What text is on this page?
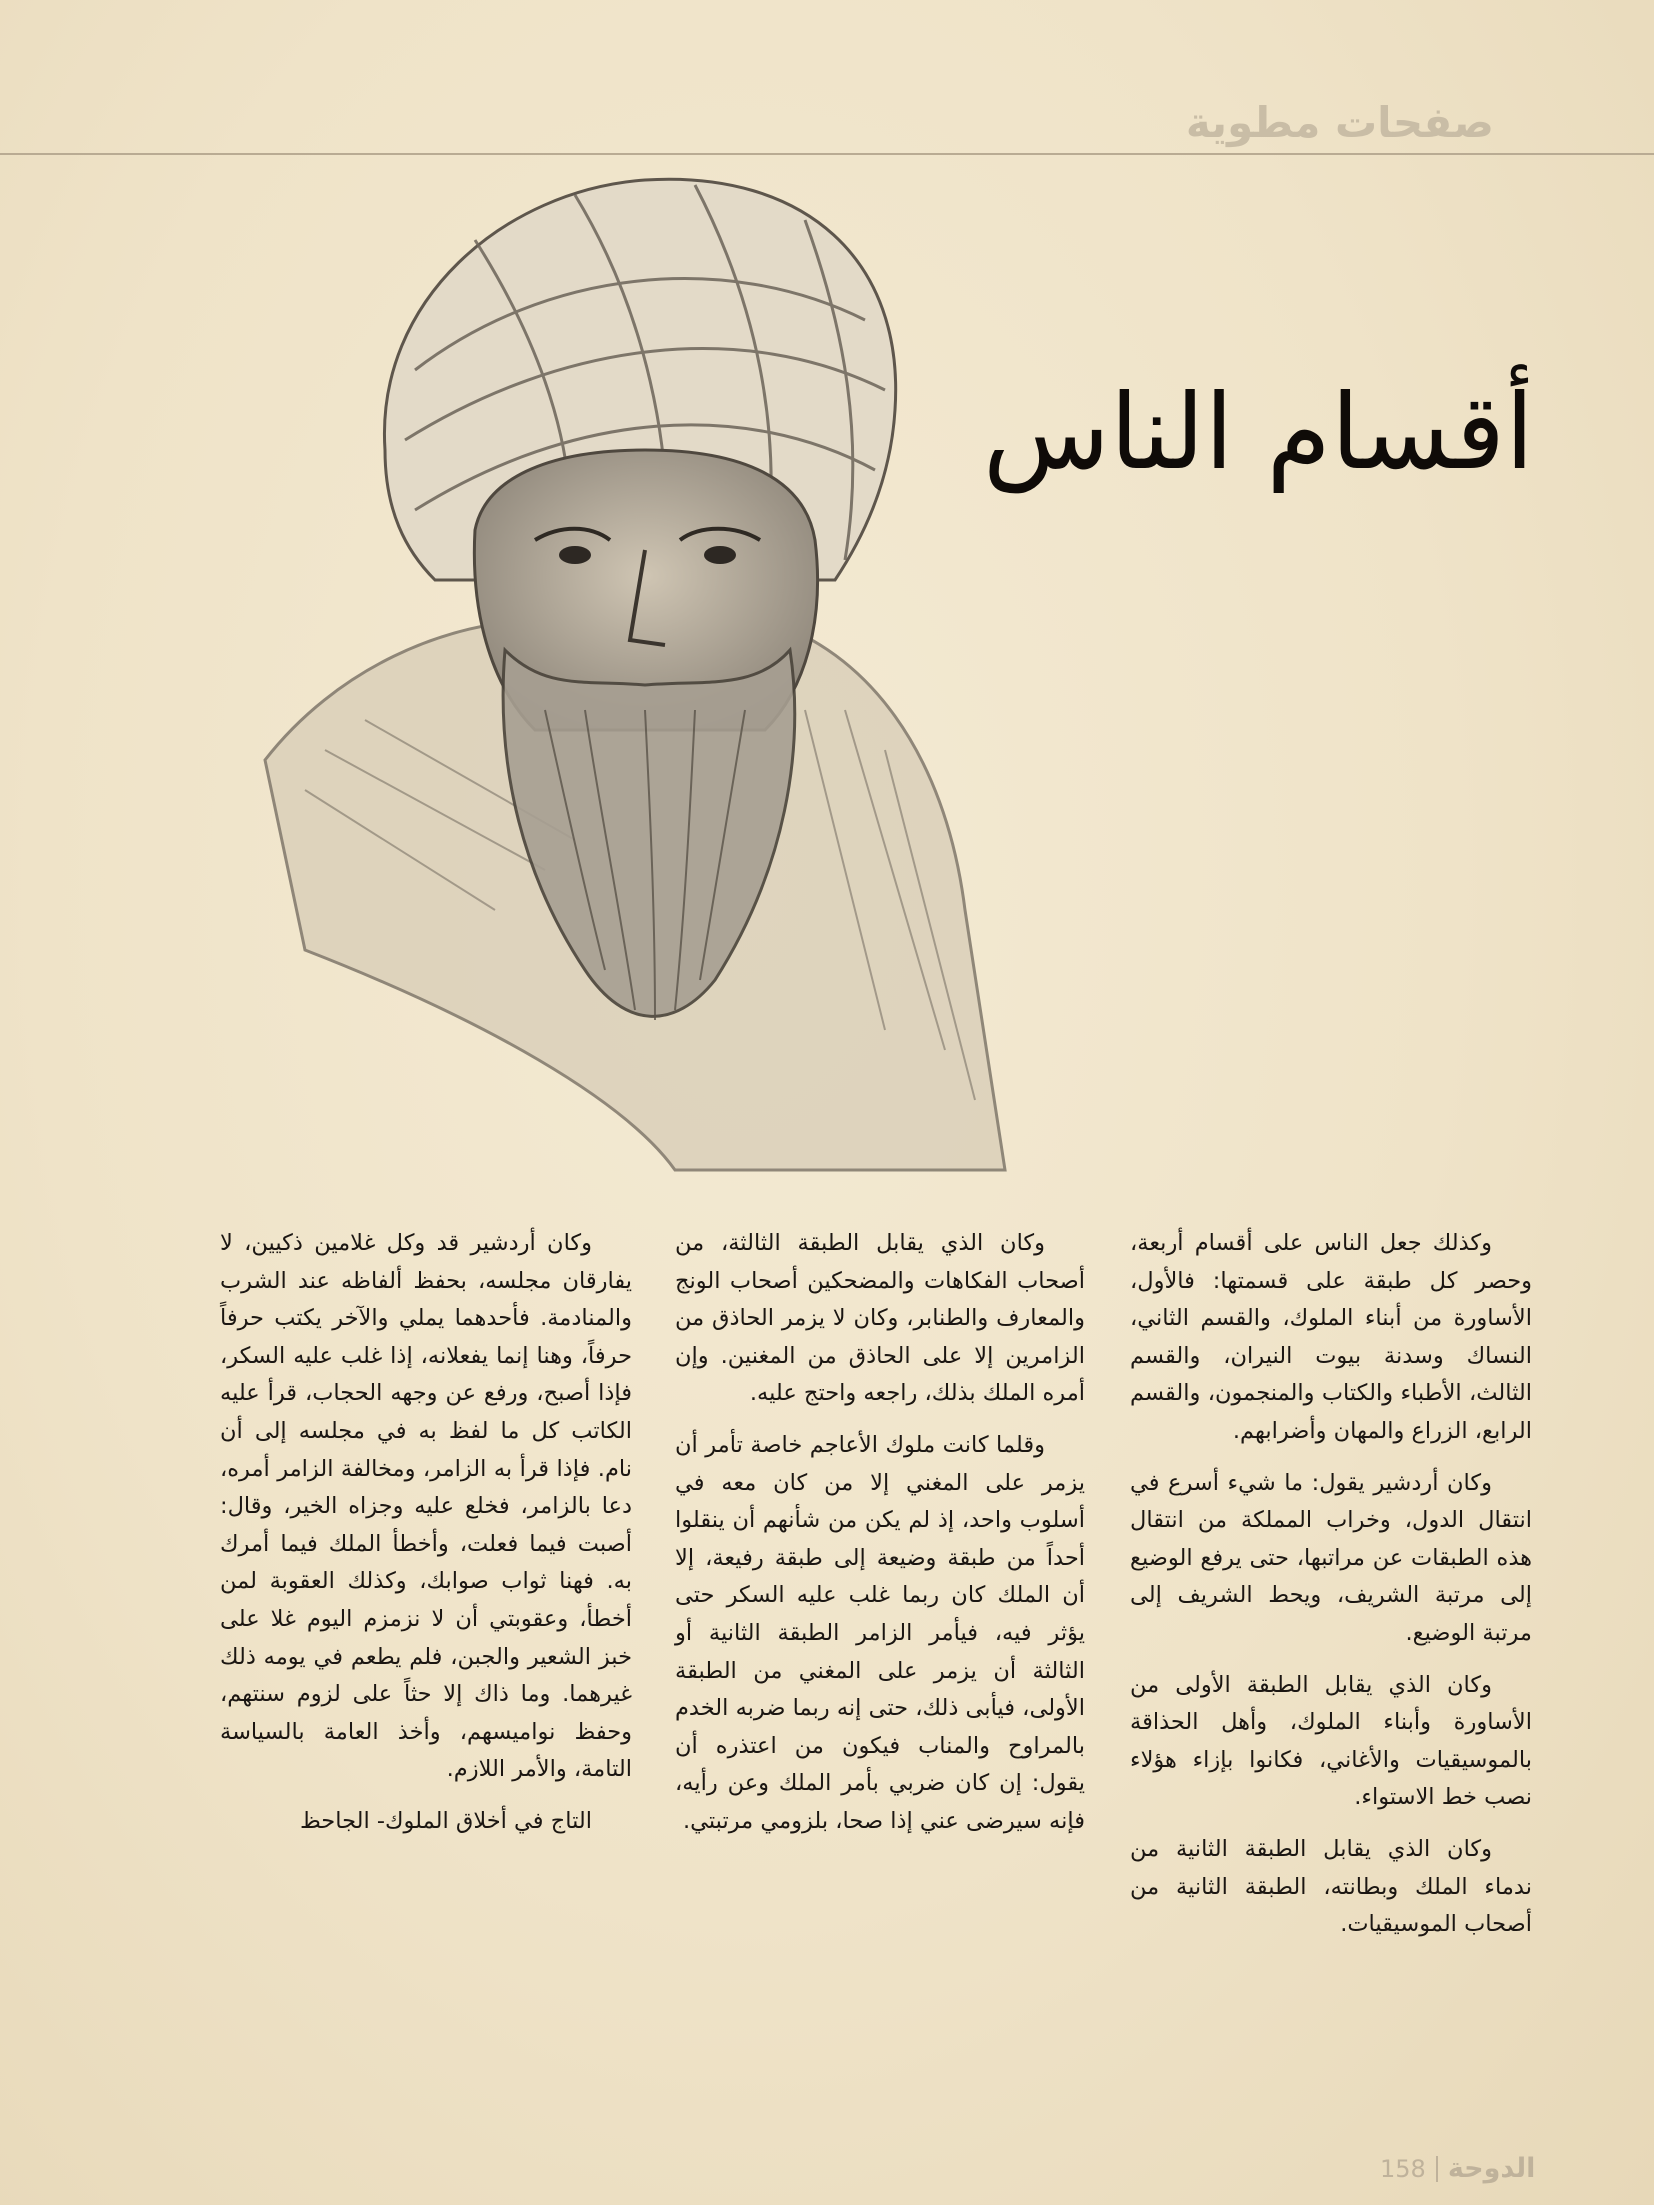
صفحات مطوية
أقسام الناس

وكذلك جعل الناس على أقسام أربعة، وحصر كل طبقة على قسمتها: فالأول، الأساورة من أبناء الملوك، والقسم الثاني، النساك وسدنة بيوت النيران، والقسم الثالث، الأطباء والكتاب والمنجمون، والقسم الرابع، الزراع والمهان وأضرابهم.

وكان أردشير يقول: ما شيء أسرع في انتقال الدول، وخراب المملكة من انتقال هذه الطبقات عن مراتبها، حتى يرفع الوضيع إلى مرتبة الشريف، ويحط الشريف إلى مرتبة الوضيع.

وكان الذي يقابل الطبقة الأولى من الأساورة وأبناء الملوك، وأهل الحذاقة بالموسيقيات والأغاني، فكانوا بإزاء هؤلاء نصب خط الاستواء.

وكان الذي يقابل الطبقة الثانية من ندماء الملك وبطانته، الطبقة الثانية من أصحاب الموسيقيات.

وكان الذي يقابل الطبقة الثالثة، من أصحاب الفكاهات والمضحكين أصحاب الونج والمعارف والطنابر، وكان لا يزمر الحاذق من الزامرين إلا على الحاذق من المغنين. وإن أمره الملك بذلك، راجعه واحتج عليه.

وقلما كانت ملوك الأعاجم خاصة تأمر أن يزمر على المغني إلا من كان معه في أسلوب واحد، إذ لم يكن من شأنهم أن ينقلوا أحداً من طبقة وضيعة إلى طبقة رفيعة، إلا أن الملك كان ربما غلب عليه السكر حتى يؤثر فيه، فيأمر الزامر الطبقة الثانية أو الثالثة أن يزمر على المغني من الطبقة الأولى، فيأبى ذلك، حتى إنه ربما ضربه الخدم بالمراوح والمناب فيكون من اعتذره أن يقول: إن كان ضربي بأمر الملك وعن رأيه، فإنه سيرضى عني إذا صحا، بلزومي مرتبتي.

وكان أردشير قد وكل غلامين ذكيين، لا يفارقان مجلسه، بحفظ ألفاظه عند الشرب والمنادمة. فأحدهما يملي والآخر يكتب حرفاً حرفاً، وهنا إنما يفعلانه، إذا غلب عليه السكر، فإذا أصبح، ورفع عن وجهه الحجاب، قرأ عليه الكاتب كل ما لفظ به في مجلسه إلى أن نام. فإذا قرأ به الزامر، ومخالفة الزامر أمره، دعا بالزامر، فخلع عليه وجزاه الخير، وقال: أصبت فيما فعلت، وأخطأ الملك فيما أمرك به. فهنا ثواب صوابك، وكذلك العقوبة لمن أخطأ، وعقوبتي أن لا نزمزم اليوم غلا على خبز الشعير والجبن، فلم يطعم في يومه ذلك غيرهما. وما ذاك إلا حثاً على لزوم سنتهم، وحفظ نواميسهم، وأخذ العامة بالسياسة التامة، والأمر اللازم.

التاج في أخلاق الملوك- الجاحظ

158 الدوحة
